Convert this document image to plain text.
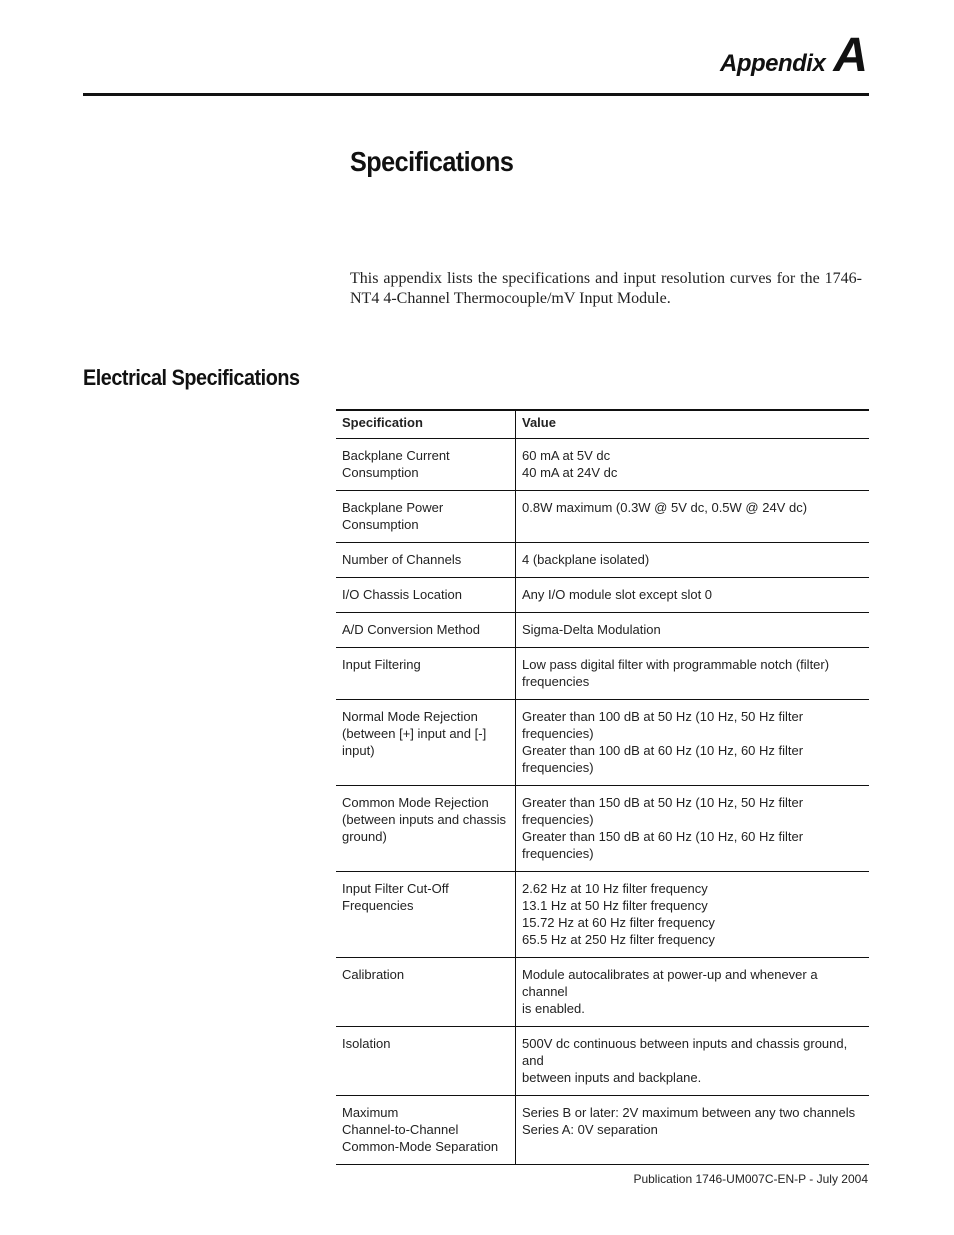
Appendix A
Specifications

This appendix lists the specifications and input resolution curves for the 1746-NT4 4-Channel Thermocouple/mV Input Module.

Electrical Specifications
Specification	Value
Backplane Current
Consumption	60 mA at 5V dc
40 mA at 24V dc
Backplane Power
Consumption	0.8W maximum (0.3W @ 5V dc, 0.5W @ 24V dc)
Number of Channels	4 (backplane isolated)
I/O Chassis Location	Any I/O module slot except slot 0
A/D Conversion Method	Sigma-Delta Modulation
Input Filtering	Low pass digital filter with programmable notch (filter)
frequencies
Normal Mode Rejection
(between [+] input and [-]
input)	Greater than 100 dB at 50 Hz (10 Hz, 50 Hz filter frequencies)
Greater than 100 dB at 60 Hz (10 Hz, 60 Hz filter frequencies)
Common Mode Rejection
(between inputs and chassis
ground)	Greater than 150 dB at 50 Hz (10 Hz, 50 Hz filter frequencies)
Greater than 150 dB at 60 Hz (10 Hz, 60 Hz filter frequencies)
Input Filter Cut-Off
Frequencies	2.62 Hz at 10 Hz filter frequency
13.1 Hz at 50 Hz filter frequency
15.72 Hz at 60 Hz filter frequency
65.5 Hz at 250 Hz filter frequency
Calibration	Module autocalibrates at power-up and whenever a channel
is enabled.
Isolation	500V dc continuous between inputs and chassis ground, and
between inputs and backplane.
Maximum
Channel-to-Channel
Common-Mode Separation	Series B or later: 2V maximum between any two channels
Series A: 0V separation
Publication 1746-UM007C-EN-P - July 2004
